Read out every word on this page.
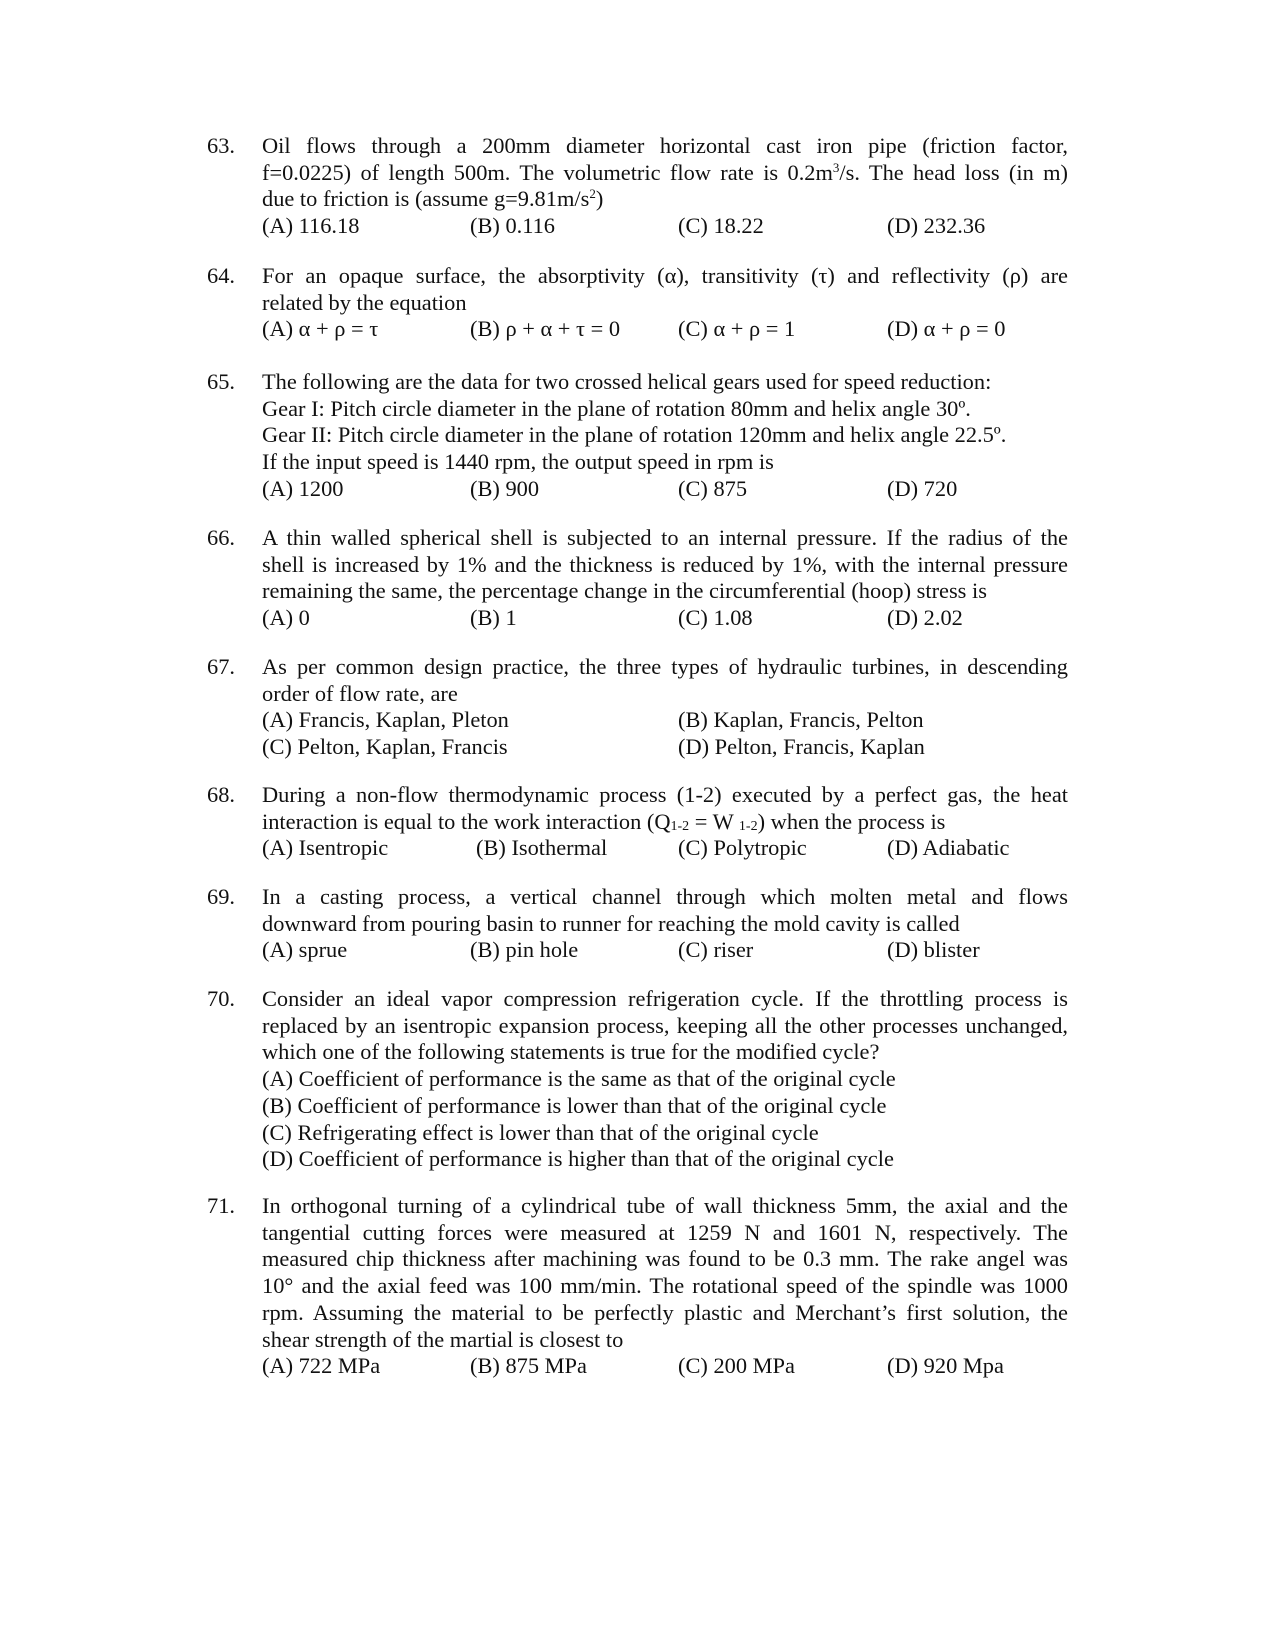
63. Oil flows through a 200mm diameter horizontal cast iron pipe (friction factor,
f=0.0225) of length 500m. The volumetric flow rate is $0.2m^3/s$. The head loss (in m)
due to friction is (assume $g=9.81m/s^2$)
(A) 116.18	(B) 0.116	(C) 18.22	(D) 232.36
64. For an opaque surface, the absorptivity (α), transitivity (τ) and reflectivity (ρ) are
related by the equation
(A) α + ρ = τ	(B) ρ + α + τ = 0	(C) α + ρ = 1	(D) α + ρ = 0
65. The following are the data for two crossed helical gears used for speed reduction:
Gear I: Pitch circle diameter in the plane of rotation 80mm and helix angle 30º.
Gear II: Pitch circle diameter in the plane of rotation 120mm and helix angle 22.5º.
If the input speed is 1440 rpm, the output speed in rpm is
(A) 1200	(B) 900	(C) 875	(D) 720
66. A thin walled spherical shell is subjected to an internal pressure. If the radius of the
shell is increased by 1% and the thickness is reduced by 1%, with the internal pressure
remaining the same, the percentage change in the circumferential (hoop) stress is
(A) 0	(B) 1	(C) 1.08	(D) 2.02
67. As per common design practice, the three types of hydraulic turbines, in descending
order of flow rate, are
(A) Francis, Kaplan, Pleton	(B) Kaplan, Francis, Pelton
(C) Pelton, Kaplan, Francis	(D) Pelton, Francis, Kaplan
68. During a non-flow thermodynamic process (1-2) executed by a perfect gas, the heat
interaction is equal to the work interaction ($Q_{1-2} = W$ $_{1-2}$) when the process is
(A) Isentropic	(B) Isothermal	(C) Polytropic	(D) Adiabatic
69. In a casting process, a vertical channel through which molten metal and flows
downward from pouring basin to runner for reaching the mold cavity is called
(A) sprue	(B) pin hole	(C) riser	(D) blister
70. Consider an ideal vapor compression refrigeration cycle. If the throttling process is
replaced by an isentropic expansion process, keeping all the other processes unchanged,
which one of the following statements is true for the modified cycle?
(A) Coefficient of performance is the same as that of the original cycle
(B) Coefficient of performance is lower than that of the original cycle
(C) Refrigerating effect is lower than that of the original cycle
(D) Coefficient of performance is higher than that of the original cycle
71. In orthogonal turning of a cylindrical tube of wall thickness 5mm, the axial and the
tangential cutting forces were measured at 1259 N and 1601 N, respectively. The
measured chip thickness after machining was found to be 0.3 mm. The rake angel was
10° and the axial feed was 100 mm/min. The rotational speed of the spindle was 1000
rpm. Assuming the material to be perfectly plastic and Merchant’s first solution, the
shear strength of the martial is closest to
(A) 722 MPa	(B) 875 MPa	(C) 200 MPa	(D) 920 Mpa
